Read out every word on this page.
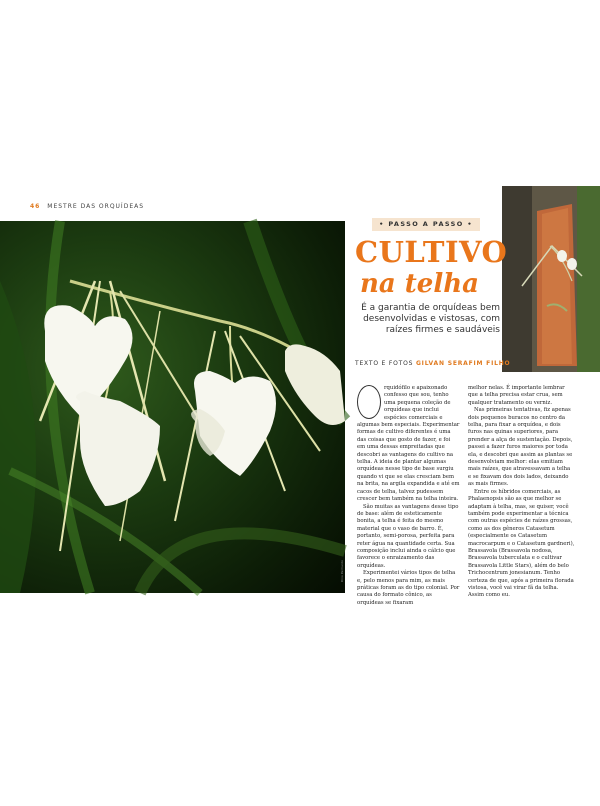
46 MESTRE DAS ORQUÍDEAS
Orquídeas com raízes grossas, como a Brassavola Little Stars, são perfeitas para serem cultivadas em telhas
Dino Panhardo
• PASSO A PASSO •
CULTIVO
na telha
É a garantia de orquídeas bem desenvolvidas e vistosas, com raízes firmes e saudáveis
TEXTO E FOTOS GILVAN SERAFIM FILHO

rquidófilo e apaixonado confesso que sou, tenho uma pequena coleção de orquídeas que inclui espécies comerciais e algumas bem especiais. Experimentar formas de cultivo diferentes é uma das coisas que gosto de fazer, e foi em uma dessas empreitadas que descobri as vantagens do cultivo na telha. A ideia de plantar algumas orquídeas nesse tipo de base surgiu quando vi que se elas cresciam bem na brita, na argila expandida e até em cacos de telha, talvez pudessem crescer bem também na telha inteira.

São muitas as vantagens desse tipo de base: além de esteticamente bonita, a telha é feita do mesmo material que o vaso de barro. É, portanto, semi-porosa, perfeita para reter água na quantidade certa. Sua composição inclui ainda o cálcio que favorece o enraizamento das orquídeas.

Experimentei vários tipos de telha e, pelo menos para mim, as mais práticas foram as do tipo colonial. Por causa do formato cônico, as orquídeas se fixaram

melhor nelas. É importante lembrar que a telha precisa estar crua, sem qualquer tratamento ou verniz.

Nas primeiras tentativas, fiz apenas dois pequenos buracos no centro da telha, para fixar a orquídea, e dois furos nas quinas superiores, para prender a alça de sustentação. Depois, passei a fazer furos maiores por toda ela, e descobri que assim as plantas se desenvolviam melhor: elas emitiam mais raízes, que atravessavam a telha e se fixavam dos dois lados, deixando as mais firmes.

Entre os híbridos comerciais, as Phalaenopsis são as que melhor se adaptam à telha, mas, se quiser, você também pode experimentar a técnica com outras espécies de raízes grossas, como as dos gêneros Catasetum (especialmente os Catasetum macrocarpum e o Catasetum gardneri), Brassavola (Brassavola nodosa, Brassavola tuberculata e o cultivar Brassavola Little Stars), além do belo Trichocentrum jonesianum. Tenho certeza de que, após a primeira florada vistosa, você vai virar fã da telha. Assim como eu.
